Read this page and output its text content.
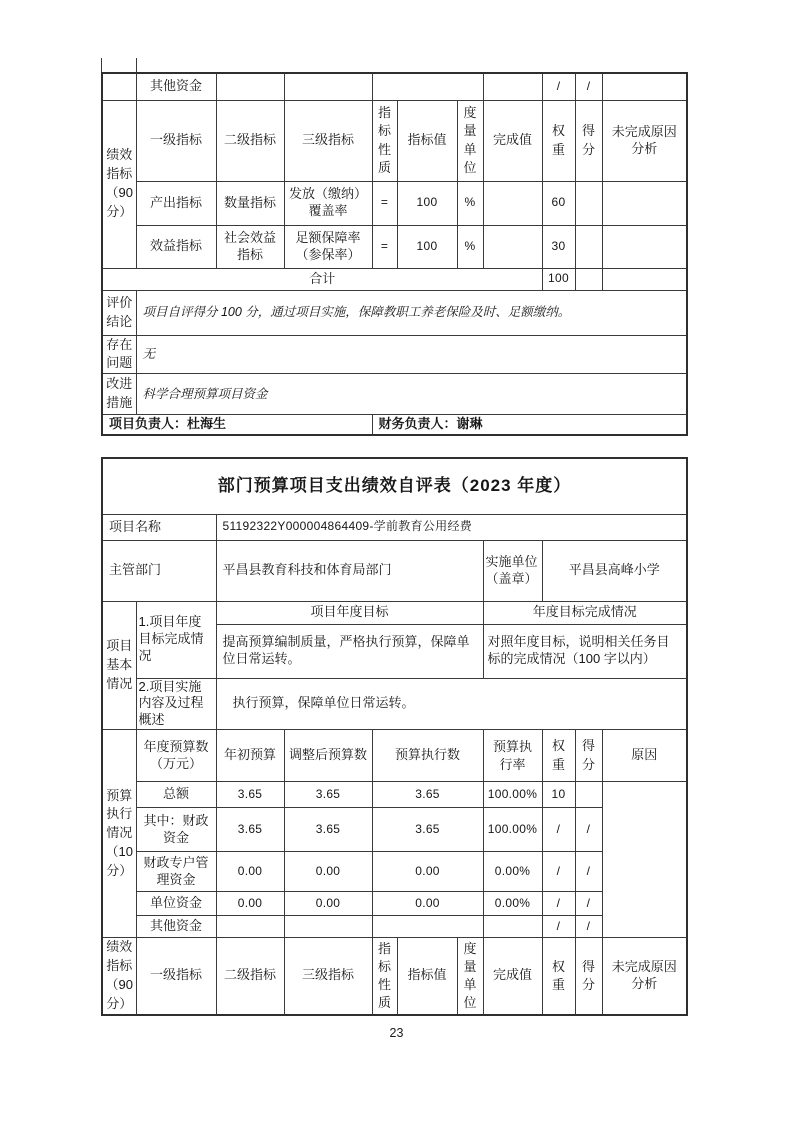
	其他资金							/	/	
绩效指标（90分）	一级指标	二级指标	三级指标	指标性质	指标值	度量单位	完成值	权重	得分	未完成原因分析
	产出指标	数量指标	发放（缴纳）覆盖率	=	100	%		60		
	效益指标	社会效益指标	足额保障率（参保率）	=	100	%		30		
合计								100		
评价结论	项目自评得分 100 分，通过项目实施，保障教职工养老保险及时、足额缴纳。									
存在问题	无									
改进措施	科学合理预算项目资金									
项目负责人：杜海生				财务负责人：谢琳						
部门预算项目支出绩效自评表（2023 年度）										
项目名称		51192322Y000004864409-学前教育公用经费								
主管部门		平昌县教育科技和体育局部门					实施单位（盖章）	平昌县高峰小学		
项目基本情况	1.项目年度目标完成情况	项目年度目标					年度目标完成情况			
		提高预算编制质量，严格执行预算，保障单位日常运转。					对照年度目标，说明相关任务目标的完成情况（100 字以内）			
	2.项目实施内容及过程概述	执行预算，保障单位日常运转。								
预算执行情况（10分）	年度预算数（万元）	年初预算	调整后预算数	预算执行数			预算执行率	权重	得分	原因
	总额	3.65	3.65	3.65			100.00%	10		
	其中：财政资金	3.65	3.65	3.65			100.00%	/	/	
	财政专户管理资金	0.00	0.00	0.00			0.00%	/	/	
	单位资金	0.00	0.00	0.00			0.00%	/	/	
	其他资金							/	/	
绩效指标（90分）	一级指标	二级指标	三级指标	指标性质	指标值	度量单位	完成值	权重	得分	未完成原因分析
23
